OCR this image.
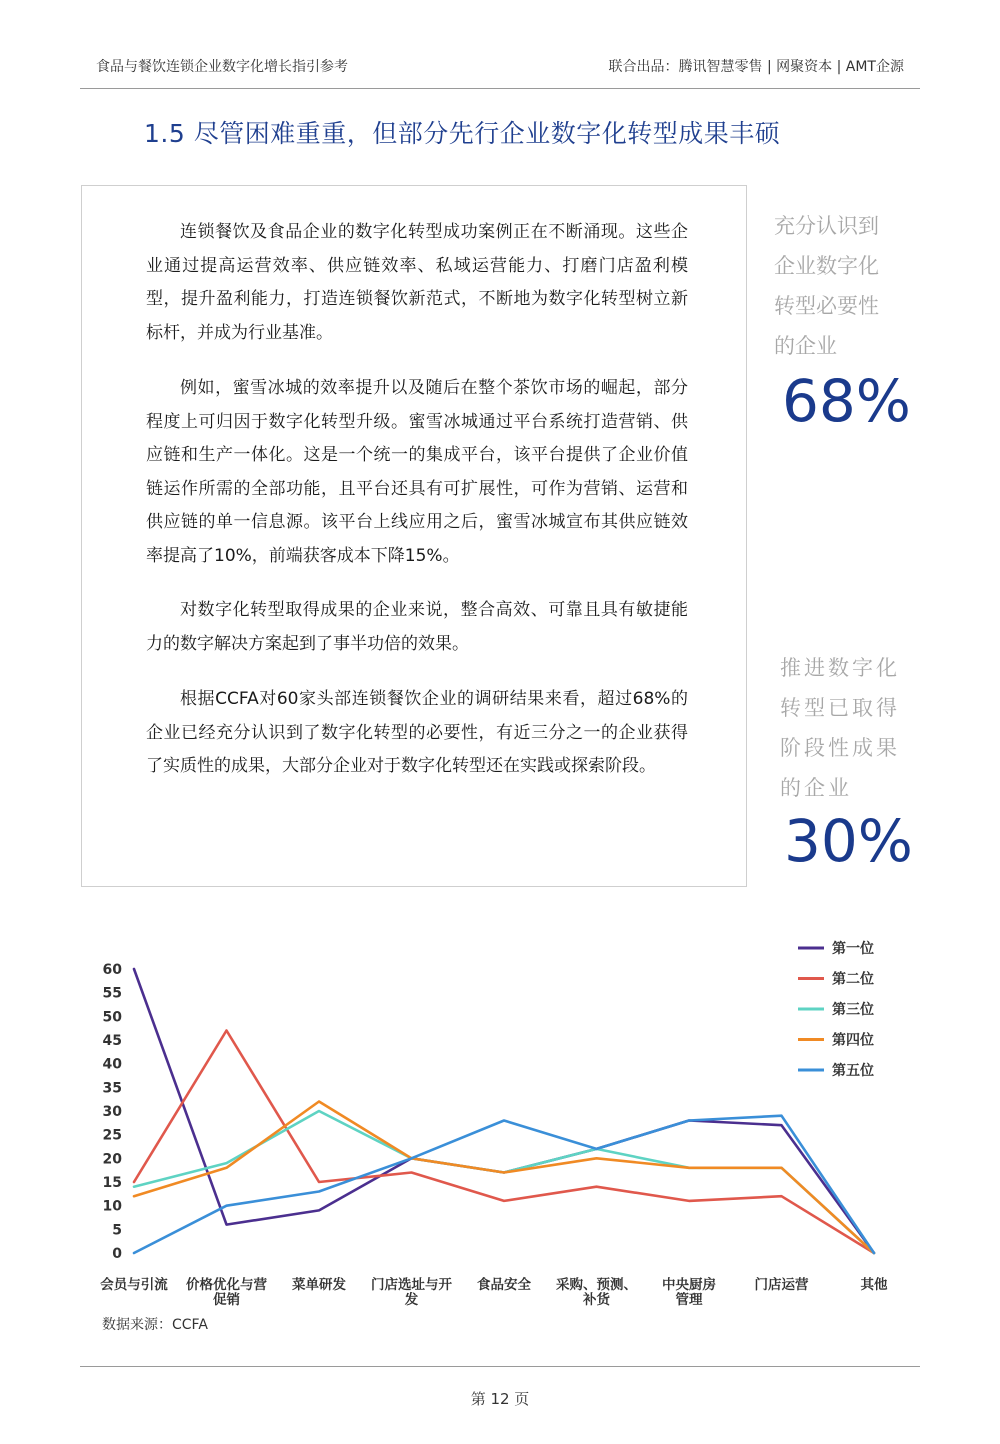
食品与餐饮连锁企业数字化增长指引参考	联合出品：腾讯智慧零售 | 网聚资本 | AMT企源
1.5 尽管困难重重，但部分先行企业数字化转型成果丰硕
连锁餐饮及食品企业的数字化转型成功案例正在不断涌现。这些企业通过提高运营效率、供应链效率、私域运营能力、打磨门店盈利模型，提升盈利能力，打造连锁餐饮新范式，不断地为数字化转型树立新标杆，并成为行业基准。
例如，蜜雪冰城的效率提升以及随后在整个茶饮市场的崛起，部分程度上可归因于数字化转型升级。蜜雪冰城通过平台系统打造营销、供应链和生产一体化。这是一个统一的集成平台，该平台提供了企业价值链运作所需的全部功能，且平台还具有可扩展性，可作为营销、运营和供应链的单一信息源。该平台上线应用之后，蜜雪冰城宣布其供应链效率提高了10%，前端获客成本下降15%。
对数字化转型取得成果的企业来说，整合高效、可靠且具有敏捷能力的数字解决方案起到了事半功倍的效果。
根据CCFA对60家头部连锁餐饮企业的调研结果来看，超过68%的企业已经充分认识到了数字化转型的必要性，有近三分之一的企业获得了实质性的成果，大部分企业对于数字化转型还在实践或探索阶段。
充分认识到
企业数字化
转型必要性
的企业
68%
推进数字化
转型已取得
阶段性成果
的企业
30%
0
5
10
15
20
25
30
35
40
45
50
55
60
会员与引流 价格优化与营
促销
菜单研发 门店选址与开
发
食品安全 采购、预测、
补货
中央厨房
管理
门店运营	其他
第一位
第二位
第三位
第四位
第五位
数据来源：CCFA
第 12 页
